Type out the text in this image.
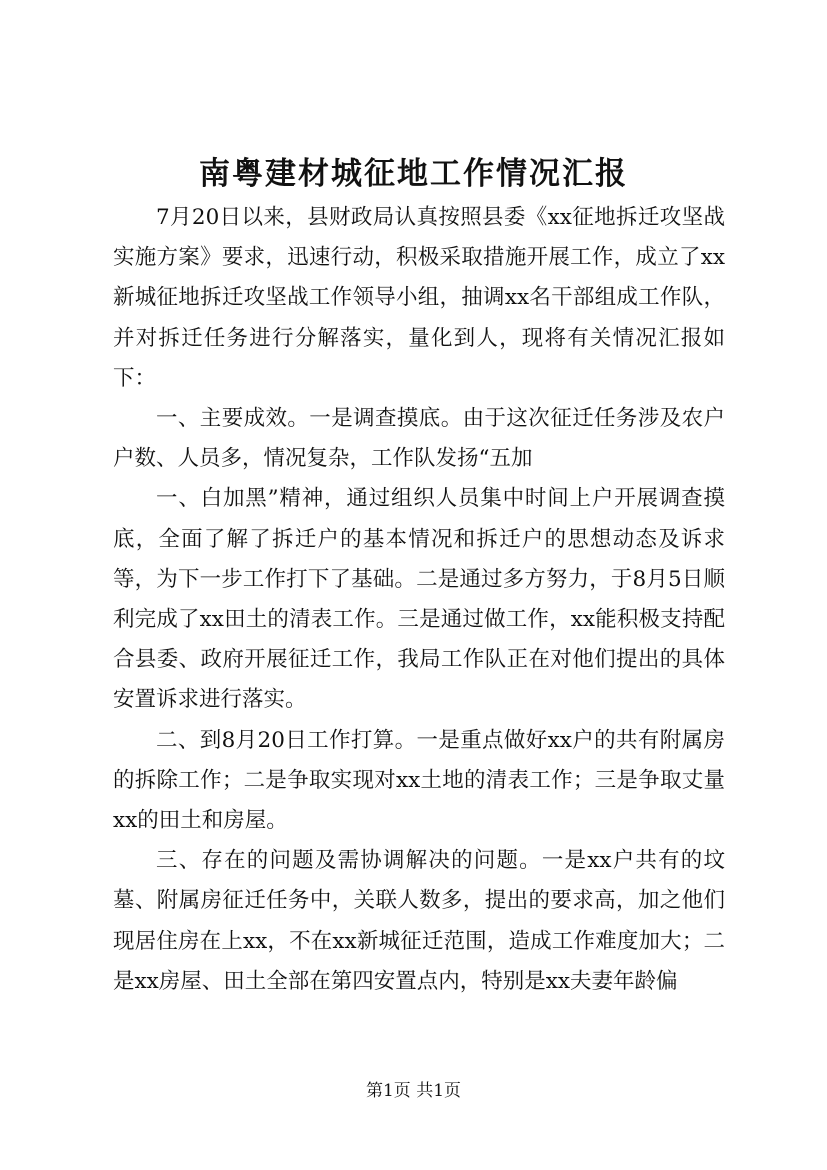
南粤建材城征地工作情况汇报

7月20日以来，县财政局认真按照县委《xx征地拆迁攻坚战实施方案》要求，迅速行动，积极采取措施开展工作，成立了xx新城征地拆迁攻坚战工作领导小组，抽调xx名干部组成工作队，并对拆迁任务进行分解落实，量化到人，现将有关情况汇报如下：

一、主要成效。一是调查摸底。由于这次征迁任务涉及农户户数、人员多，情况复杂，工作队发扬“五加

一、白加黑”精神，通过组织人员集中时间上户开展调查摸底，全面了解了拆迁户的基本情况和拆迁户的思想动态及诉求等，为下一步工作打下了基础。二是通过多方努力，于8月5日顺利完成了xx田土的清表工作。三是通过做工作，xx能积极支持配合县委、政府开展征迁工作，我局工作队正在对他们提出的具体安置诉求进行落实。

二、到8月20日工作打算。一是重点做好xx户的共有附属房的拆除工作；二是争取实现对xx土地的清表工作；三是争取丈量xx的田土和房屋。

三、存在的问题及需协调解决的问题。一是xx户共有的坟墓、附属房征迁任务中，关联人数多，提出的要求高，加之他们现居住房在上xx，不在xx新城征迁范围，造成工作难度加大；二是xx房屋、田土全部在第四安置点内，特别是xx夫妻年龄偏

第1页 共1页
